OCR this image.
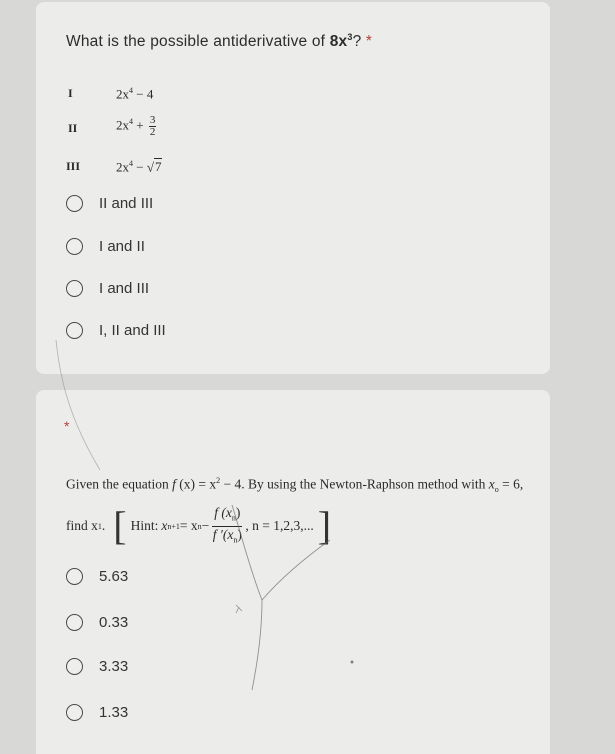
What is the possible antiderivative of $8x^3$? *
I	$2x^4 - 4$
II	$2x^4 + \frac{3}{2}$
III	$2x^4 - √7$
II and III
I and II
I and III
I, II and III
*
Given the equation f $(x) = x^2 - 4$. By using the Newton-Raphson method with $x_o = 6$,
find x 1 . [ Hint: x n+1 = x $n - \frac{f (x_n)}{f '(x_n)}$ , n = 1,2,3,... ]
5.63
0.33
3.33
1.33
